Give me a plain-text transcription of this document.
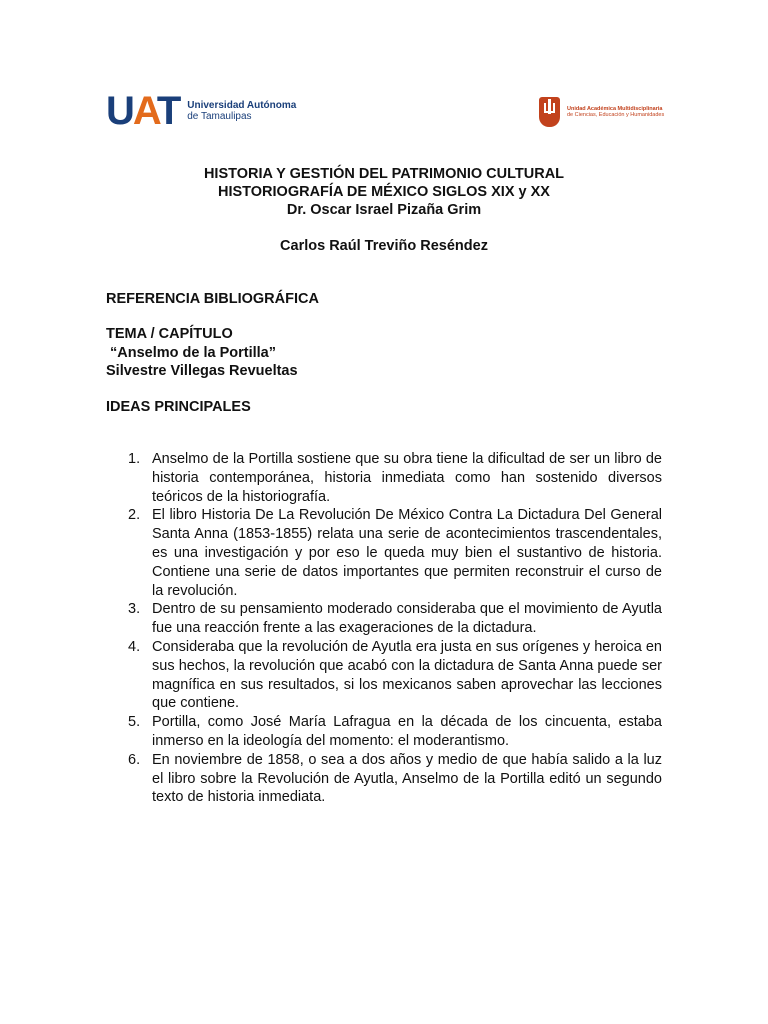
UAT Universidad Autónoma
de Tamaulipas
Unidad Académica Multidisciplinaria
de Ciencias, Educación y Humanidades
HISTORIA Y GESTIÓN DEL PATRIMONIO CULTURAL
HISTORIOGRAFÍA DE MÉXICO SIGLOS XIX y XX
Dr. Oscar Israel Pizaña Grim
Carlos Raúl Treviño Reséndez
REFERENCIA BIBLIOGRÁFICA
TEMA / CAPÍTULO
“Anselmo de la Portilla”
Silvestre Villegas Revueltas
IDEAS PRINCIPALES
1. Anselmo de la Portilla sostiene que su obra tiene la dificultad de ser un libro de historia contemporánea, historia inmediata como han sostenido diversos teóricos de la historiografía.
2. El libro Historia De La Revolución De México Contra La Dictadura Del General Santa Anna (1853-1855) relata una serie de acontecimientos trascendentales, es una investigación y por eso le queda muy bien el sustantivo de historia. Contiene una serie de datos importantes que permiten reconstruir el curso de la revolución.
3. Dentro de su pensamiento moderado consideraba que el movimiento de Ayutla fue una reacción frente a las exageraciones de la dictadura.
4. Consideraba que la revolución de Ayutla era justa en sus orígenes y heroica en sus hechos, la revolución que acabó con la dictadura de Santa Anna puede ser magnífica en sus resultados, si los mexicanos saben aprovechar las lecciones que contiene.
5. Portilla, como José María Lafragua en la década de los cincuenta, estaba inmerso en la ideología del momento: el moderantismo.
6. En noviembre de 1858, o sea a dos años y medio de que había salido a la luz el libro sobre la Revolución de Ayutla, Anselmo de la Portilla editó un segundo texto de historia inmediata.
